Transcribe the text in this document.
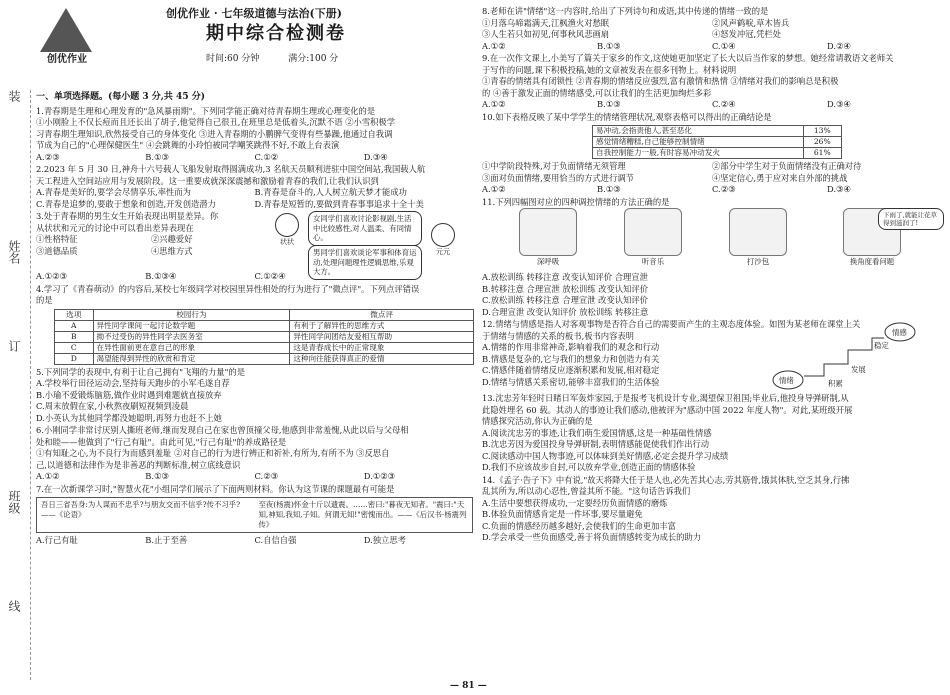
装
姓名
订
班级
线
创优作业
创优作业 · 七年级道德与法治(下册)
期中综合检测卷
时间:60 分钟	满分:100 分
一、单项选择题。(每小题 3 分,共 45 分)
1.青春期是生理和心理发育的"急风暴雨期"。下列同学能正确对待青春期生理或心理变化的是
①小刚脸上不仅长痘而且还长出了胡子,他觉得自己很丑,在班里总是低着头,沉默不语 ②小雪积极学
习青春期生理知识,欣然接受自己的身体变化 ③进入青春期的小鹏脾气变得有些暴躁,他通过自我调
节成为自己的"心理保健医生" ④会跳舞的小玲怕被同学嘲笑跳得不好,不敢上台表演
A.②③	B.①③	C.①②	D.③④
2.2023 年 5 月 30 日,神舟十六号载人飞船发射取得圆满成功,3 名航天员顺利进驻中国空间站,我国载人航
天工程进入空间站应用与发展阶段。这一重要成就深深震撼和激励着青春的我们,让我们认识到
A.青春是美好的,要学会尽情享乐,率性而为	B.青春是奋斗的,人人树立航天梦才能成功
C.青春是追梦的,要敢于想象和创造,开发创造潜力	D.青春是短暂的,要做到青春事事追求十全十美
3.处于青春期的男生女生开始表现出明显差异。你
从状状和元元的讨论中可以看出差异表现在
①性格特征	②兴趣爱好
③道德品质	④思维方式
状状
女同学们喜欢讨论影视剧,生活中比较感性,对人温柔、有同情心。
男同学们喜欢谈论军事和体育运动,处理问题理性逻辑思维,乐观大方。
元元
A.①②③	B.①③④	C.①②④
4.学习了《青春萌动》的内容后,某校七年级同学对校园里异性相处的行为进行了"微点评"。下列点评错误
的是
选项	校园行为	微点评
A	异性同学课间一起讨论数学题	有利于了解异性的思维方式
B	拗不过受伤的异性同学去医务室	异性同学间团结友爱相互帮助
C	在异性面前更在意自己的形象	这是青春成长中的正常现象
D	渴望能得到异性的欣赏和肯定	这种向往能获得真正的爱情
5.下列同学的表现中,有利于让自己拥有"飞翔的力量"的是
A.学校举行田径运动会,坚持每天跑步的小军毛遂自荐
B.小瑜不爱锻炼脑筋,做作业时遇到难题就直接放弃
C.周末放假在家,小秋熬夜刷短视频到凌晨
D.小英认为其他同学都没她聪明,再努力也赶不上她
6.小刚同学非常讨厌别人撕班老师,继而发现自己在家也曾顶撞父母,他感到非常羞愧,从此以后与父母相
处和睦——他做到了"行己有耻"。由此可见,"行己有耻"的养成路径是
①有知耻之心,为不良行为而感到羞耻 ②对自己的行为进行辨正和祈补,有所为,有所不为 ③反思自
己,以道德和法律作为是非善恶的判断标准,树立底线意识
A.①②	B.①③	C.②③	D.①②③
7.在一次新课学习时,"智慧火花"小组同学们展示了下面两则材料。你认为这节课的课题最有可能是
吾日三省吾身:为人谋而不忠乎?与朋友交而不信乎?传不习乎?——《论语》
至夜(杨震)怀金十斤以遗震。……密曰:"暮夜无知者。"震曰:"天知,神知,我知,子知。何谓无知!"密愧而出。——《后汉书·杨震列传》
A.行己有耻	B.止于至善	C.自信自强	D.独立思考
8.老师在讲"情绪"这一内容时,给出了下列诗句和成语,其中传递的情绪一致的是
①月落乌啼霜满天,江枫渔火对愁眠	②风声鹤唳,草木皆兵
③人生若只如初见,何事秋风悲画扇	④怒发冲冠,凭栏处
A.①②	B.①③	C.①④	D.②④
9.在一次作文课上,小美写了篇关于家乡的作文,这使她更加坚定了长大以后当作家的梦想。她经常请教语文老师关
于写作的问题,课下积极投稿,她的文章被发表在很多刊物上。材料说明
①青春的情绪具有闭锁性 ②青春期的情绪反应强烈,富有激情和热情 ③情绪对我们的影响总是积极
的 ④善于激发正面的情绪感受,可以让我们的生活更加绚烂多彩
A.①②	B.①③	C.②④	D.③④
10.如下表格反映了某中学学生的情绪管理状况,观察表格可以得出的正确结论是
易冲动,会指责他人,甚至恶化	13%
感觉情绪糟糕,自己能够控制情绪	26%
自我控制能力一般,有时容易冲动发火	61%
①中学阶段特殊,对于负面情绪无须管理	②部分中学生对于负面情绪没有正确对待
③面对负面情绪,要用恰当的方式进行调节	④坚定信心,勇于应对来自外部的挑战
A.①②	B.①③	C.②③	D.③④
11.下列四幅图对应的四种调控情绪的方法正确的是
深呼吸	听音乐	打沙包	换角度看问题
下雨了,就能让花草得到滋润了!
A.放松训练 转移注意 改变认知评价 合理宣泄
B.转移注意 合理宣泄 放松训练 改变认知评价
C.放松训练 转移注意 合理宣泄 改变认知评价
D.合理宣泄 改变认知评价 放松训练 转移注意
12.情绪与情感是指人对客观事物是否符合自己的需要而产生的主观态度体验。如图为某老师在课堂上关
于情绪与情感的关系的板书,板书内容表明
A.情绪的作用非常神奇,影响着我们的观念和行动
B.情感是复杂的,它与我们的想象力和创造力有关
C.情感伴随着情绪反应逐渐积累和发展,相对稳定
D.情绪与情感关系密切,能够丰富我们的生活体验	情绪	积累
发展
稳定
情感
13.沈忠芳年轻时日睹日军轰炸家园,于是报考飞机设计专业,渴望保卫祖国;毕业后,他投身导弹研制,从
此隐姓埋名 60 载。其动人的事迹让我们感动,他被评为"感动中国 2022 年度人物"。对此,某班级开展
情感探究活动,你认为正确的是
A.阅读沈忠芳的事迹,让我们萌生爱国情感,这是一种基础性情感
B.沈忠芳因为爱国投身导弹研制,表明情感能促使我们作出行动
C.阅读感动中国人物事迹,可以体味到美好情感,必定会提升学习成绩
D.我们不应该故步自封,可以放弃学业,创造正面的情感体验
14.《孟子·告子下》中有说,"故天将降大任于是人也,必先苦其心志,劳其筋骨,饿其体肤,空乏其身,行拂
乱其所为,所以动心忍性,曾益其所不能。"这句话告诉我们
A.生活中要想获得成功,一定要经历负面情感的磨炼
B.体验负面情感肯定是一件坏事,要尽量避免
C.负面的情感经历越多越好,会使我们的生命更加丰富
D.学会承受一些负面感受,善于将负面情感转变为成长的助力
— 81 —
